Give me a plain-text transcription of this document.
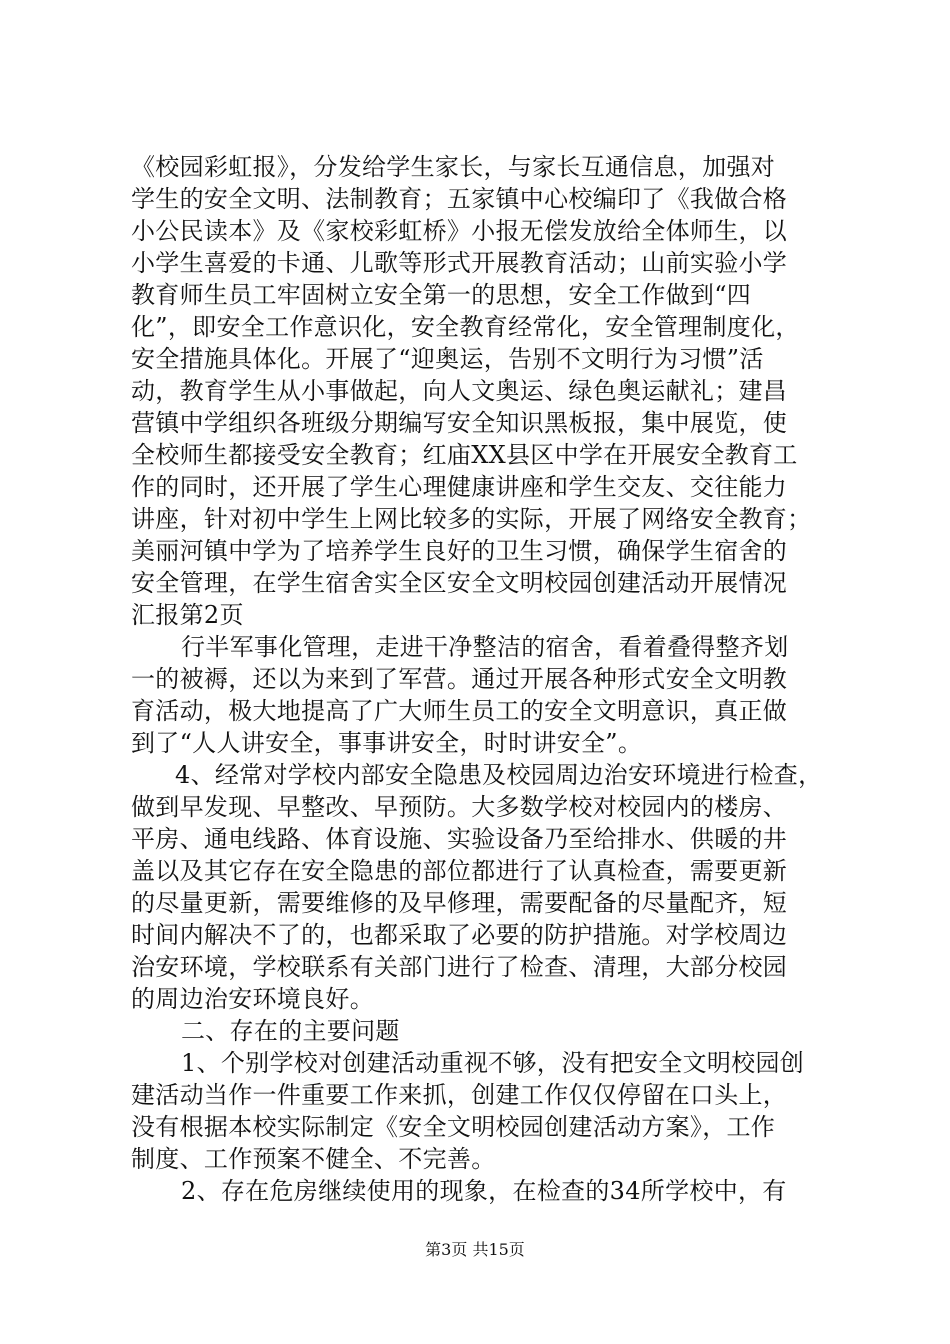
《校园彩虹报》，分发给学生家长，与家长互通信息，加强对
学生的安全文明、法制教育；五家镇中心校编印了《我做合格
小公民读本》及《家校彩虹桥》小报无偿发放给全体师生，以
小学生喜爱的卡通、儿歌等形式开展教育活动；山前实验小学
教育师生员工牢固树立安全第一的思想，安全工作做到“四
化”，即安全工作意识化，安全教育经常化，安全管理制度化，
安全措施具体化。开展了“迎奥运，告别不文明行为习惯”活
动，教育学生从小事做起，向人文奥运、绿色奥运献礼；建昌
营镇中学组织各班级分期编写安全知识黑板报，集中展览，使
全校师生都接受安全教育；红庙XX县区中学在开展安全教育工
作的同时，还开展了学生心理健康讲座和学生交友、交往能力
讲座，针对初中学生上网比较多的实际，开展了网络安全教育；
美丽河镇中学为了培养学生良好的卫生习惯，确保学生宿舍的
安全管理，在学生宿舍实全区安全文明校园创建活动开展情况
汇报第2页
行半军事化管理，走进干净整洁的宿舍，看着叠得整齐划
一的被褥，还以为来到了军营。通过开展各种形式安全文明教
育活动，极大地提高了广大师生员工的安全文明意识，真正做
到了“人人讲安全，事事讲安全，时时讲安全”。
4、经常对学校内部安全隐患及校园周边治安环境进行检查，
做到早发现、早整改、早预防。大多数学校对校园内的楼房、
平房、通电线路、体育设施、实验设备乃至给排水、供暖的井
盖以及其它存在安全隐患的部位都进行了认真检查，需要更新
的尽量更新，需要维修的及早修理，需要配备的尽量配齐，短
时间内解决不了的，也都采取了必要的防护措施。对学校周边
治安环境，学校联系有关部门进行了检查、清理，大部分校园
的周边治安环境良好。
二、存在的主要问题
1、个别学校对创建活动重视不够，没有把安全文明校园创
建活动当作一件重要工作来抓，创建工作仅仅停留在口头上，
没有根据本校实际制定《安全文明校园创建活动方案》，工作
制度、工作预案不健全、不完善。
2、存在危房继续使用的现象，在检查的34所学校中，有
第3页 共15页
